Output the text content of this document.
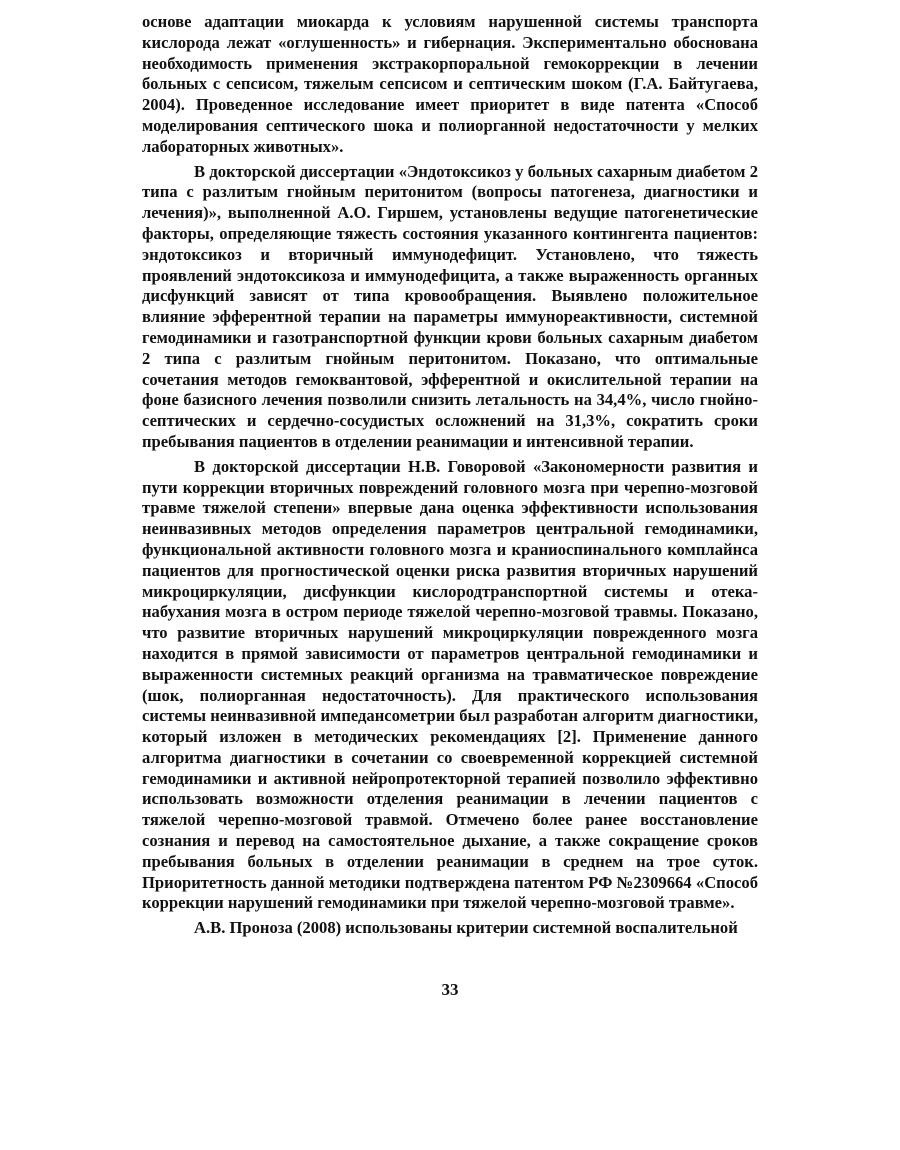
основе адаптации миокарда к условиям нарушенной системы транспорта кислорода лежат «оглушенность» и гибернация. Экспериментально обоснована необходимость применения экстракорпоральной гемокоррекции в лечении больных с сепсисом, тяжелым сепсисом и септическим шоком (Г.А. Байтугаева, 2004). Проведенное исследование имеет приоритет в виде патента «Способ моделирования септического шока и полиорганной недостаточности у мелких лабораторных животных».

В докторской диссертации «Эндотоксикоз у больных сахарным диабетом 2 типа с разлитым гнойным перитонитом (вопросы патогенеза, диагностики и лечения)», выполненной А.О. Гиршем, установлены ведущие патогенетические факторы, определяющие тяжесть состояния указанного контингента пациентов: эндотоксикоз и вторичный иммунодефицит. Установлено, что тяжесть проявлений эндотоксикоза и иммунодефицита, а также выраженность органных дисфункций зависят от типа кровообращения. Выявлено положительное влияние эфферентной терапии на параметры иммунореактивности, системной гемодинамики и газотранспортной функции крови больных сахарным диабетом 2 типа с разлитым гнойным перитонитом. Показано, что оптимальные сочетания методов гемоквантовой, эфферентной и окислительной терапии на фоне базисного лечения позволили снизить летальность на 34,4%, число гнойно-септических и сердечно-сосудистых осложнений на 31,3%, сократить сроки пребывания пациентов в отделении реанимации и интенсивной терапии.

В докторской диссертации Н.В. Говоровой «Закономерности развития и пути коррекции вторичных повреждений головного мозга при черепно-мозговой травме тяжелой степени» впервые дана оценка эффективности использования неинвазивных методов определения параметров центральной гемодинамики, функциональной активности головного мозга и краниоспинального комплайнса пациентов для прогностической оценки риска развития вторичных нарушений микроциркуляции, дисфункции кислородтранспортной системы и отека-набухания мозга в остром периоде тяжелой черепно-мозговой травмы. Показано, что развитие вторичных нарушений микроциркуляции поврежденного мозга находится в прямой зависимости от параметров центральной гемодинамики и выраженности системных реакций организма на травматическое повреждение (шок, полиорганная недостаточность). Для практического использования системы неинвазивной импедансометрии был разработан алгоритм диагностики, который изложен в методических рекомендациях [2]. Применение данного алгоритма диагностики в сочетании со своевременной коррекцией системной гемодинамики и активной нейропротекторной терапией позволило эффективно использовать возможности отделения реанимации в лечении пациентов с тяжелой черепно-мозговой травмой. Отмечено более ранее восстановление сознания и перевод на самостоятельное дыхание, а также сокращение сроков пребывания больных в отделении реанимации в среднем на трое суток. Приоритетность данной методики подтверждена патентом РФ №2309664 «Способ коррекции нарушений гемодинамики при тяжелой черепно-мозговой травме».

А.В. Проноза (2008) использованы критерии системной воспалительной

33
